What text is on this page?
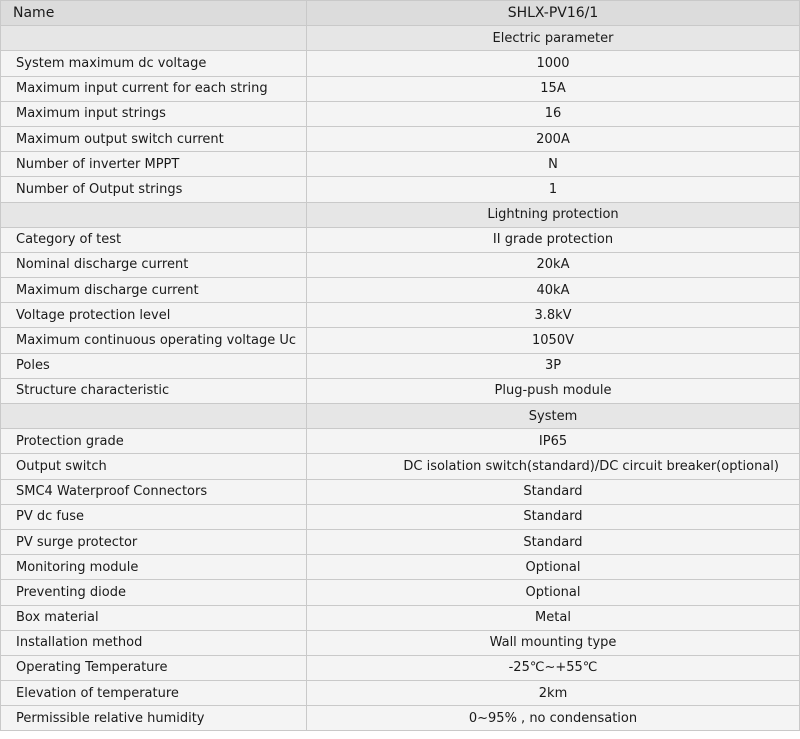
Name	SHLX-PV16/1
	Electric parameter
System maximum dc voltage	1000
Maximum input current for each string	15A
Maximum input strings	16
Maximum output switch current	200A
Number of inverter MPPT	N
Number of Output strings	1
	Lightning protection
Category of test	II grade protection
Nominal discharge current	20kA
Maximum discharge current	40kA
Voltage protection level	3.8kV
Maximum continuous operating voltage Uc	1050V
Poles	3P
Structure characteristic	Plug-push module
	System
Protection grade	IP65
Output switch	DC isolation switch(standard)/DC circuit breaker(optional)
SMC4 Waterproof Connectors	Standard
PV dc fuse	Standard
PV surge protector	Standard
Monitoring module	Optional
Preventing diode	Optional
Box material	Metal
Installation method	Wall mounting type
Operating Temperature	-25℃~+55℃
Elevation of temperature	2km
Permissible relative humidity	0~95% , no condensation
